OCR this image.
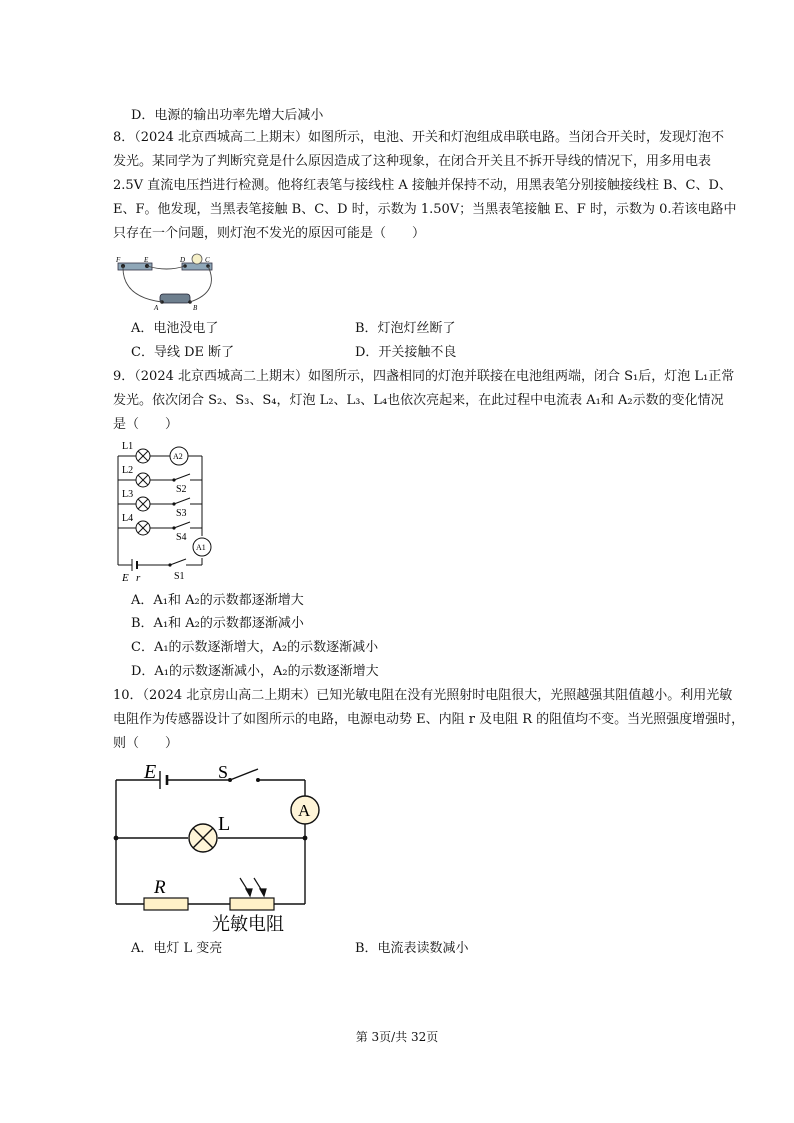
D．电源的输出功率先增大后减小
8．（2024 北京西城高二上期末）如图所示，电池、开关和灯泡组成串联电路。当闭合开关时，发现灯泡不
发光。某同学为了判断究竟是什么原因造成了这种现象，在闭合开关且不拆开导线的情况下，用多用电表
2.5V 直流电压挡进行检测。他将红表笔与接线柱 A 接触并保持不动，用黑表笔分别接触接线柱 B、C、D、
E、F。他发现，当黑表笔接触 B、C、D 时，示数为 1.50V；当黑表笔接触 E、F 时，示数为 0.若该电路中
只存在一个问题，则灯泡不发光的原因可能是（　　）
F	E	D	C
A	B
A．电池没电了	B．灯泡灯丝断了
C．导线 DE 断了	D．开关接触不良
9．（2024 北京西城高二上期末）如图所示，四盏相同的灯泡并联接在电池组两端，闭合 S₁后，灯泡 L₁正常
发光。依次闭合 S₂、S₃、S₄，灯泡 L₂、L₃、L₄也依次亮起来，在此过程中电流表 A₁和 A₂示数的变化情况
是（　　）
L1
L2
L3
L4
A2
A1
S2
S3
S4
S1
E r
A．A₁和 A₂的示数都逐渐增大
B．A₁和 A₂的示数都逐渐减小
C．A₁的示数逐渐增大，A₂的示数逐渐减小
D．A₁的示数逐渐减小，A₂的示数逐渐增大
10．（2024 北京房山高二上期末）已知光敏电阻在没有光照射时电阻很大，光照越强其阻值越小。利用光敏
电阻作为传感器设计了如图所示的电路，电源电动势 E、内阻 r 及电阻 R 的阻值均不变。当光照强度增强时，
则（　　）
E	S
A
L
R
光敏电阻
A．电灯 L 变亮	B．电流表读数减小
第 3页/共 32页
